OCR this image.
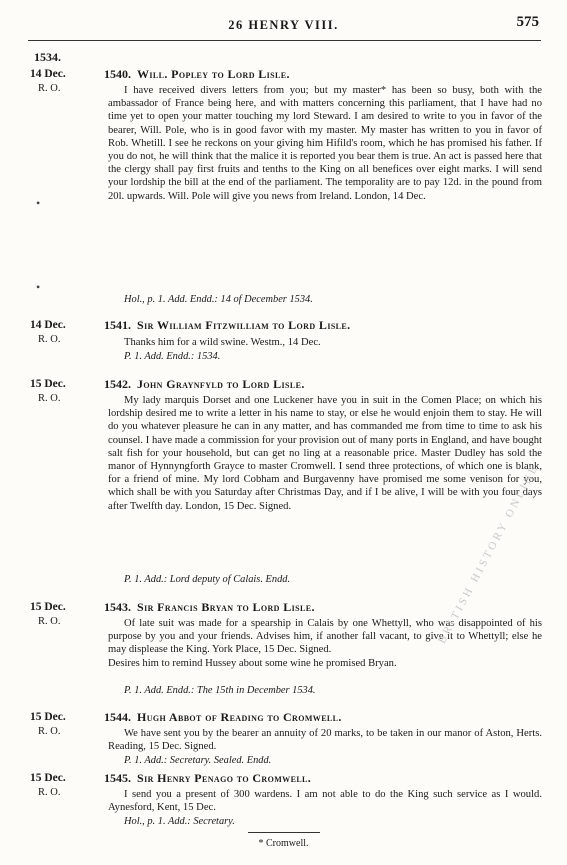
26 HENRY VIII.	575
1534.
14 Dec.
R. O.
1540. Will. Popley to Lord Lisle.

I have received divers letters from you; but my master* has been so busy, both with the ambassador of France being here, and with matters concerning this parliament, that I have had no time yet to open your matter touching my lord Steward. I am desired to write to you in favor of the bearer, Will. Pole, who is in good favor with my master. My master has written to you in favor of Rob. Whetill. I see he reckons on your giving him Hifild's room, which he has promised his father. If you do not, he will think that the malice it is reported you bear them is true. An act is passed here that the clergy shall pay first fruits and tenths to the King on all benefices over eight marks. I will send your lordship the bill at the end of the parliament. The temporality are to pay 12d. in the pound from 20l. upwards. Will. Pole will give you news from Ireland. London, 14 Dec.

Hol., p. 1. Add. Endd.: 14 of December 1534.
14 Dec.
R. O.
1541. Sir William Fitzwilliam to Lord Lisle.

Thanks him for a wild swine. Westm., 14 Dec.

P. 1. Add. Endd.: 1534.
15 Dec.
R. O.
1542. John Graynfyld to Lord Lisle.

My lady marquis Dorset and one Luckener have you in suit in the Comen Place; on which his lordship desired me to write a letter in his name to stay, or else he would enjoin them to stay. He will do you whatever pleasure he can in any matter, and has commanded me from time to time to ask his counsel. I have made a commission for your provision out of many ports in England, and have bought salt fish for your household, but can get no ling at a reasonable price. Master Dudley has sold the manor of Hynnyngforth Grayce to master Cromwell. I send three protections, of which one is blank, for a friend of mine. My lord Cobham and Burgavenny have promised me some venison for you, which shall be with you Saturday after Christmas Day, and if I be alive, I will be with you four days after Twelfth day. London, 15 Dec. Signed.

P. 1. Add.: Lord deputy of Calais. Endd.
15 Dec.
R. O.
1543. Sir Francis Bryan to Lord Lisle.

Of late suit was made for a spearship in Calais by one Whettyll, who was disappointed of his purpose by you and your friends. Advises him, if another fall vacant, to give it to Whettyll; else he may displease the King. York Place, 15 Dec. Signed.

Desires him to remind Hussey about some wine he promised Bryan.

P. 1. Add. Endd.: The 15th in December 1534.
15 Dec.
R. O.
1544. Hugh Abbot of Reading to Cromwell.

We have sent you by the bearer an annuity of 20 marks, to be taken in our manor of Aston, Herts. Reading, 15 Dec. Signed.

P. 1. Add.: Secretary. Sealed. Endd.
15 Dec.
R. O.
1545. Sir Henry Penago to Cromwell.

I send you a present of 300 wardens. I am not able to do the King such service as I would. Aynesford, Kent, 15 Dec.

Hol., p. 1. Add.: Secretary.
•
•
BRITISH HISTORY ONLINE
* Cromwell.
